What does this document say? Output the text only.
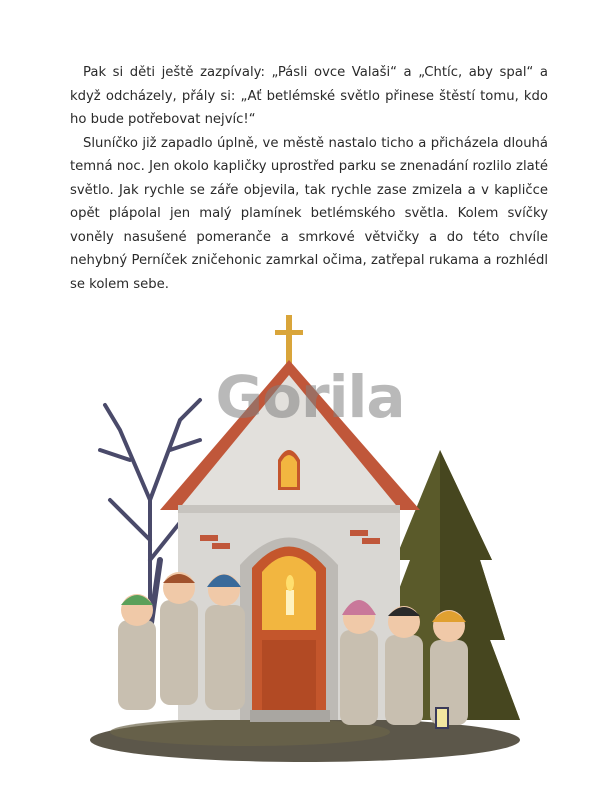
Pak si děti ještě zazpívaly: „Pásli ovce Valaši“ a „Chtíc, aby spal“ a když odcházely, přály si: „Ať betlémské světlo přinese štěstí tomu, kdo ho bude potřebovat nejvíc!“

Sluníčko již zapadlo úplně, ve městě nastalo ticho a přicházela dlouhá temná noc. Jen okolo kapličky uprostřed parku se znenadání rozlilo zlaté světlo. Jak rychle se záře objevila, tak rychle zase zmizela a v kapličce opět plápolal jen malý plamínek betlémského světla. Kolem svíčky voněly nasušené pomeranče a smrkové větvičky a do této chvíle nehybný Perníček zničehonic zamrkal očima, zatřepal rukama a rozhlédl se kolem sebe.

Gorila
